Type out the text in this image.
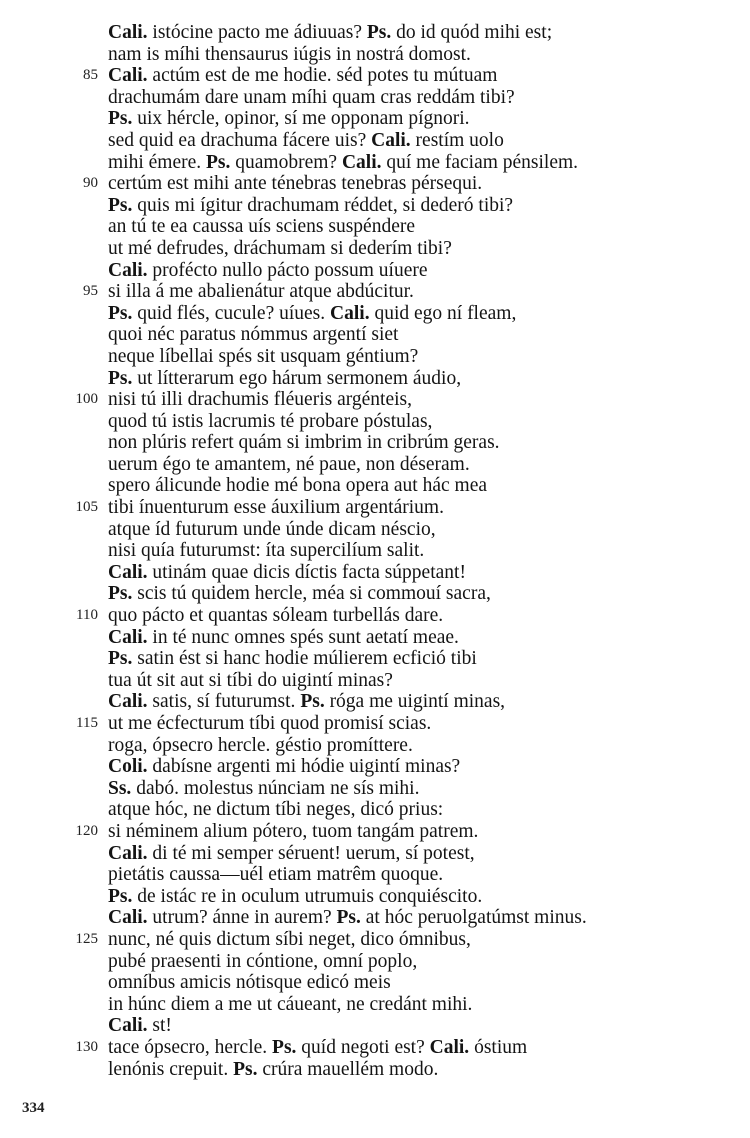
Cali. istócine pacto me ádiuuas? Ps. do id quód mihi est;
nam is míhi thensaurus iúgis in nostrá domost.
85 Cali. actúm est de me hodie. séd potes tu mútuam
drachumám dare unam míhi quam cras reddám tibi?
Ps. uix hércle, opinor, sí me opponam pígnori.
sed quid ea drachuma fácere uis? Cali. restím uolo
mihi émere. Ps. quamobrem? Cali. quí me faciam pénsilem.
90 certúm est mihi ante ténebras tenebras pérsequi.
Ps. quis mi ígitur drachumam réddet, si dederó tibi?
an tú te ea caussa uís sciens suspéndere
ut mé defrudes, dráchumam si dederím tibi?
Cali. profécto nullo pácto possum uíuere
95 si illa á me abalienátur atque abdúcitur.
Ps. quid flés, cucule? uíues. Cali. quid ego ní fleam,
quoi néc paratus nómmus argentí siet
neque líbellai spés sit usquam géntium?
Ps. ut lítterarum ego hárum sermonem áudio,
100 nisi tú illi drachumis fléueris argénteis,
quod tú istis lacrumis té probare póstulas,
non plúris refert quám si imbrim in cribrúm geras.
uerum égo te amantem, né paue, non déseram.
spero álicunde hodie mé bona opera aut hác mea
105 tibi ínuenturum esse áuxilium argentárium.
atque íd futurum unde únde dicam néscio,
nisi quía futurumst: íta supercilíum salit.
Cali. utinám quae dicis díctis facta súppetant!
Ps. scis tú quidem hercle, méa si commouí sacra,
110 quo pácto et quantas sóleam turbellás dare.
Cali. in té nunc omnes spés sunt aetatí meae.
Ps. satin ést si hanc hodie múlierem ecfició tibi
tua út sit aut si tíbi do uigintí minas?
Cali. satis, sí futurumst. Ps. róga me uigintí minas,
115 ut me écfecturum tíbi quod promisí scias.
roga, ópsecro hercle. géstio promíttere.
Coli. dabísne argenti mi hódie uigintí minas?
Ss. dabó. molestus núnciam ne sís mihi.
atque hóc, ne dictum tíbi neges, dicó prius:
120 si néminem alium pótero, tuom tangám patrem.
Cali. di té mi semper séruent! uerum, sí potest,
pietátis caussa—uél etiam matrêm quoque.
Ps. de istác re in oculum utrumuis conquiéscito.
Cali. utrum? ánne in aurem? Ps. at hóc peruolgatúmst minus.
125 nunc, né quis dictum síbi neget, dico ómnibus,
pubé praesenti in cóntione, omní poplo,
omníbus amicis nótisque edicó meis
in húnc diem a me ut cáueant, ne credánt mihi.
Cali. st!
130 tace ópsecro, hercle. Ps. quíd negoti est? Cali. óstium
lenónis crepuit. Ps. crúra mauellém modo.
334
